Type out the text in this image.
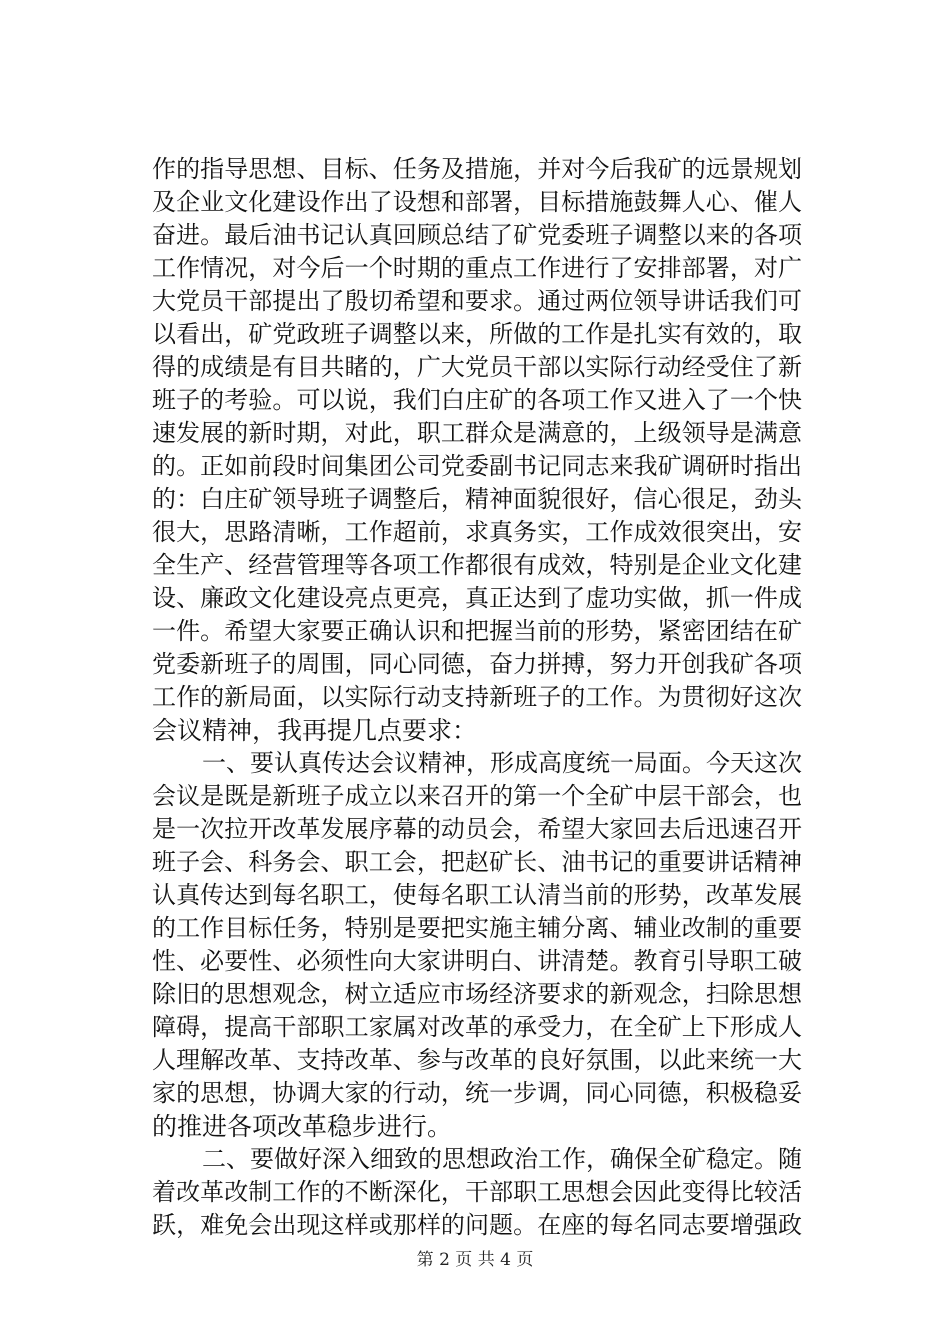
作的指导思想、目标、任务及措施，并对今后我矿的远景规划
及企业文化建设作出了设想和部署，目标措施鼓舞人心、催人
奋进。最后油书记认真回顾总结了矿党委班子调整以来的各项
工作情况，对今后一个时期的重点工作进行了安排部署，对广
大党员干部提出了殷切希望和要求。通过两位领导讲话我们可
以看出，矿党政班子调整以来，所做的工作是扎实有效的，取
得的成绩是有目共睹的，广大党员干部以实际行动经受住了新
班子的考验。可以说，我们白庄矿的各项工作又进入了一个快
速发展的新时期，对此，职工群众是满意的，上级领导是满意
的。正如前段时间集团公司党委副书记同志来我矿调研时指出
的：白庄矿领导班子调整后，精神面貌很好，信心很足，劲头
很大，思路清晰，工作超前，求真务实，工作成效很突出，安
全生产、经营管理等各项工作都很有成效，特别是企业文化建
设、廉政文化建设亮点更亮，真正达到了虚功实做，抓一件成
一件。希望大家要正确认识和把握当前的形势，紧密团结在矿
党委新班子的周围，同心同德，奋力拼搏，努力开创我矿各项
工作的新局面，以实际行动支持新班子的工作。为贯彻好这次
会议精神，我再提几点要求：

一、要认真传达会议精神，形成高度统一局面。今天这次
会议是既是新班子成立以来召开的第一个全矿中层干部会，也
是一次拉开改革发展序幕的动员会，希望大家回去后迅速召开
班子会、科务会、职工会，把赵矿长、油书记的重要讲话精神
认真传达到每名职工，使每名职工认清当前的形势，改革发展
的工作目标任务，特别是要把实施主辅分离、辅业改制的重要
性、必要性、必须性向大家讲明白、讲清楚。教育引导职工破
除旧的思想观念，树立适应市场经济要求的新观念，扫除思想
障碍，提高干部职工家属对改革的承受力，在全矿上下形成人
人理解改革、支持改革、参与改革的良好氛围，以此来统一大
家的思想，协调大家的行动，统一步调，同心同德，积极稳妥
的推进各项改革稳步进行。

二、要做好深入细致的思想政治工作，确保全矿稳定。随
着改革改制工作的不断深化，干部职工思想会因此变得比较活
跃，难免会出现这样或那样的问题。在座的每名同志要增强政

第 2 页 共 4 页
